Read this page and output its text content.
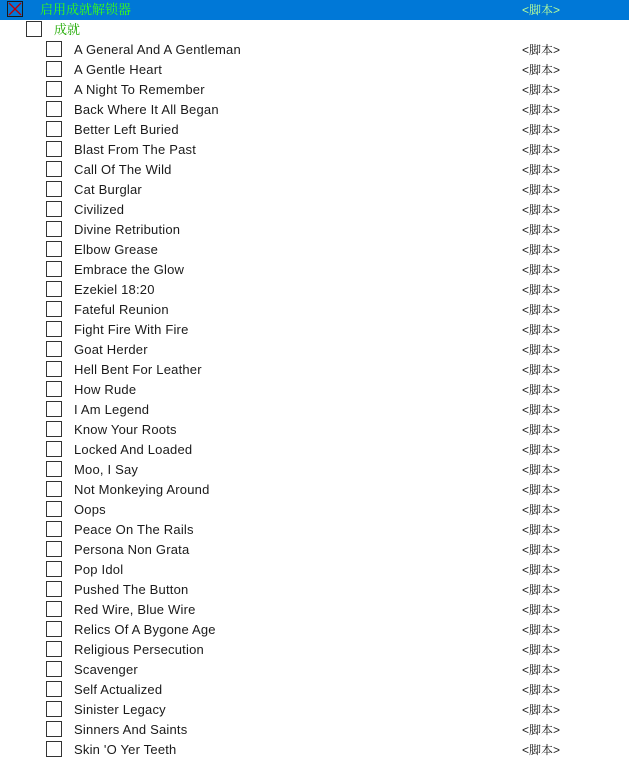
启用成就解锁器	<脚本>
成就
A General And A Gentleman	<脚本>
A Gentle Heart	<脚本>
A Night To Remember	<脚本>
Back Where It All Began	<脚本>
Better Left Buried	<脚本>
Blast From The Past	<脚本>
Call Of The Wild	<脚本>
Cat Burglar	<脚本>
Civilized	<脚本>
Divine Retribution	<脚本>
Elbow Grease	<脚本>
Embrace the Glow	<脚本>
Ezekiel 18:20	<脚本>
Fateful Reunion	<脚本>
Fight Fire With Fire	<脚本>
Goat Herder	<脚本>
Hell Bent For Leather	<脚本>
How Rude	<脚本>
I Am Legend	<脚本>
Know Your Roots	<脚本>
Locked And Loaded	<脚本>
Moo, I Say	<脚本>
Not Monkeying Around	<脚本>
Oops	<脚本>
Peace On The Rails	<脚本>
Persona Non Grata	<脚本>
Pop Idol	<脚本>
Pushed The Button	<脚本>
Red Wire, Blue Wire	<脚本>
Relics Of A Bygone Age	<脚本>
Religious Persecution	<脚本>
Scavenger	<脚本>
Self Actualized	<脚本>
Sinister Legacy	<脚本>
Sinners And Saints	<脚本>
Skin 'O Yer Teeth	<脚本>
